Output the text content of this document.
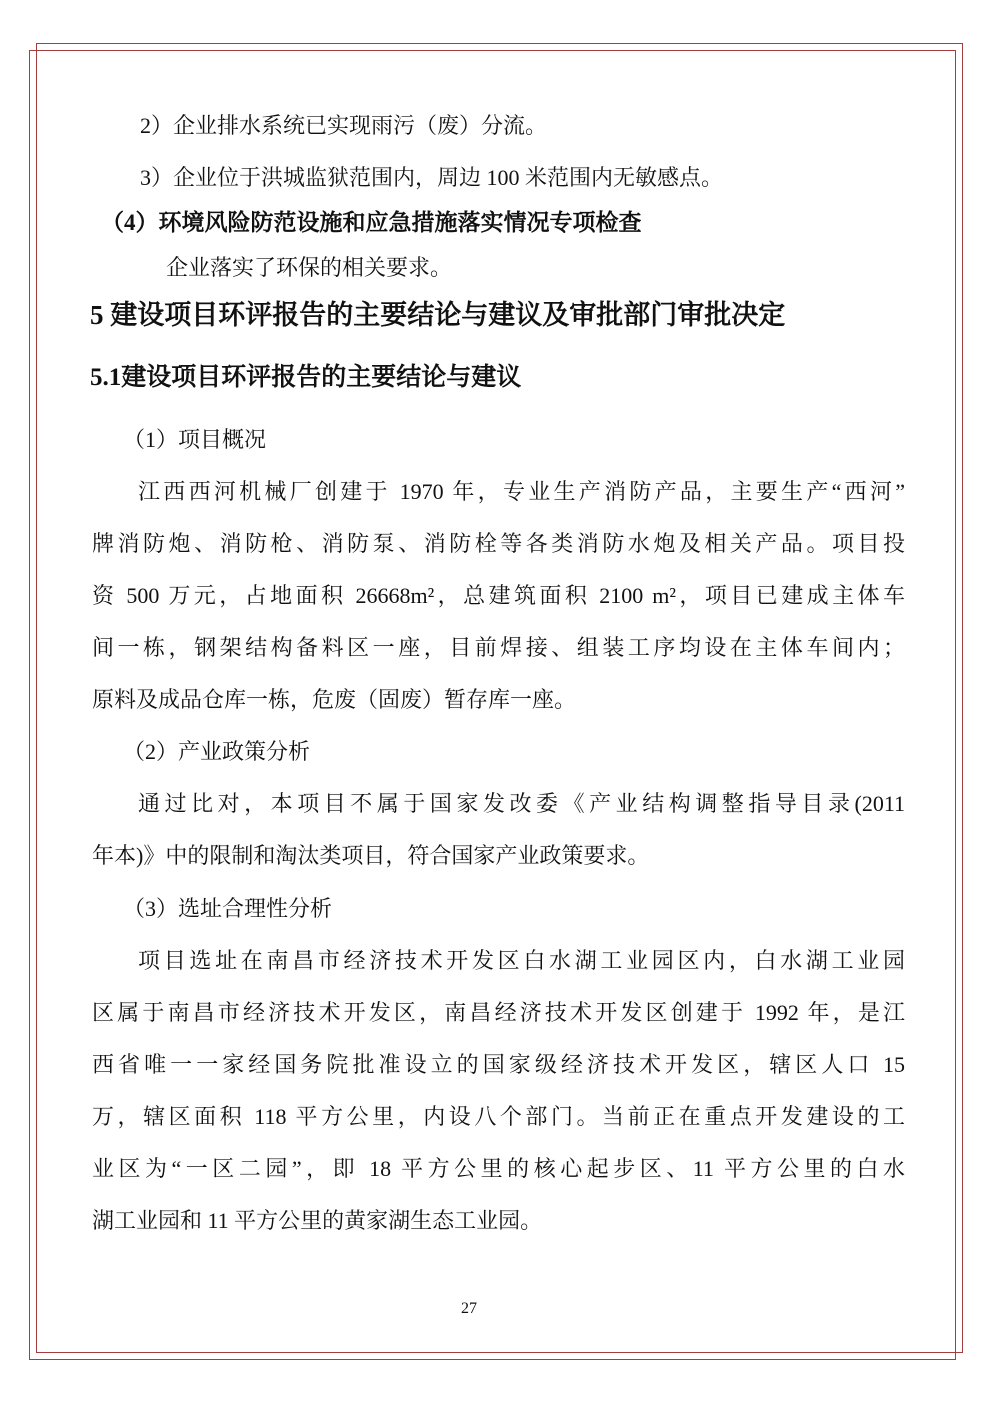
2）企业排水系统已实现雨污（废）分流。
3）企业位于洪城监狱范围内，周边 100 米范围内无敏感点。
（4）环境风险防范设施和应急措施落实情况专项检查
企业落实了环保的相关要求。
5 建设项目环评报告的主要结论与建议及审批部门审批决定
5.1建设项目环评报告的主要结论与建议
（1）项目概况
江西西河机械厂创建于 1970 年，专业生产消防产品，主要生产“西河”
牌消防炮、消防枪、消防泵、消防栓等各类消防水炮及相关产品。项目投
资 500 万元，占地面积 26668m²，总建筑面积 2100 m²，项目已建成主体车
间一栋，钢架结构备料区一座，目前焊接、组装工序均设在主体车间内；
原料及成品仓库一栋，危废（固废）暂存库一座。
（2）产业政策分析
通过比对，本项目不属于国家发改委《产业结构调整指导目录(2011
年本)》中的限制和淘汰类项目，符合国家产业政策要求。
（3）选址合理性分析
项目选址在南昌市经济技术开发区白水湖工业园区内，白水湖工业园
区属于南昌市经济技术开发区，南昌经济技术开发区创建于 1992 年，是江
西省唯一一家经国务院批准设立的国家级经济技术开发区，辖区人口 15
万，辖区面积 118 平方公里，内设八个部门。当前正在重点开发建设的工
业区为“一区二园”，即 18 平方公里的核心起步区、11 平方公里的白水
湖工业园和 11 平方公里的黄家湖生态工业园。
27
